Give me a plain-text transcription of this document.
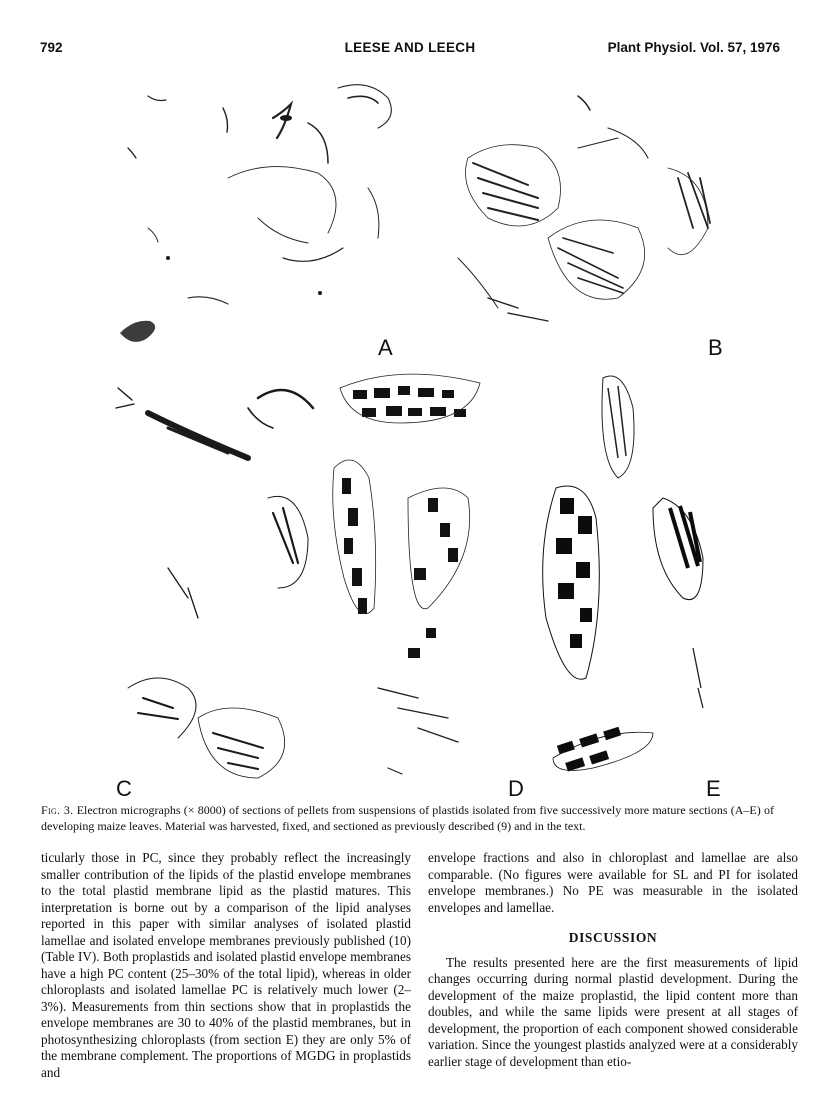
792	LEESE AND LEECH	Plant Physiol. Vol. 57, 1976
A	B
C	D	E
Fig. 3. Electron micrographs (× 8000) of sections of pellets from suspensions of plastids isolated from five successively more mature sections (A–E) of developing maize leaves. Material was harvested, fixed, and sectioned as previously described (9) and in the text.

ticularly those in PC, since they probably reflect the increasingly smaller contribution of the lipids of the plastid envelope membranes to the total plastid membrane lipid as the plastid matures. This interpretation is borne out by a comparison of the lipid analyses reported in this paper with similar analyses of isolated plastid lamellae and isolated envelope membranes previously published (10) (Table IV). Both proplastids and isolated plastid envelope membranes have a high PC content (25–30% of the total lipid), whereas in older chloroplasts and isolated lamellae PC is relatively much lower (2–3%). Measurements from thin sections show that in proplastids the envelope membranes are 30 to 40% of the plastid membranes, but in photosynthesizing chloroplasts (from section E) they are only 5% of the membrane complement. The proportions of MGDG in proplastids and

envelope fractions and also in chloroplast and lamellae are also comparable. (No figures were available for SL and PI for isolated envelope membranes.) No PE was measurable in the isolated envelopes and lamellae.

DISCUSSION

The results presented here are the first measurements of lipid changes occurring during normal plastid development. During the development of the maize proplastid, the lipid content more than doubles, and while the same lipids were present at all stages of development, the proportion of each component showed considerable variation. Since the youngest plastids analyzed were at a considerably earlier stage of development than etio-
